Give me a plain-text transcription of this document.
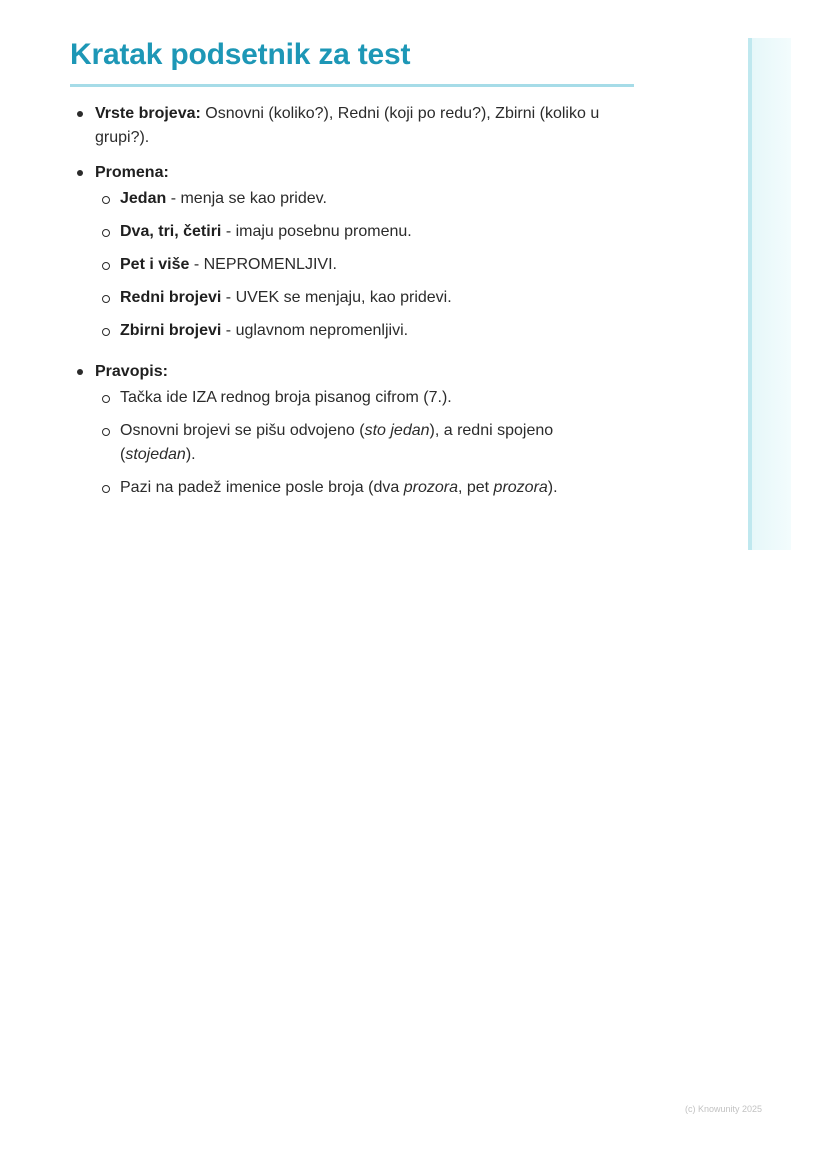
Kratak podsetnik za test
Vrste brojeva: Osnovni (koliko?), Redni (koji po redu?), Zbirni (koliko u grupi?).
Promena:
Jedan - menja se kao pridev.
Dva, tri, četiri - imaju posebnu promenu.
Pet i više - NEPROMENLJIVI.
Redni brojevi - UVEK se menjaju, kao pridevi.
Zbirni brojevi - uglavnom nepromenljivi.
Pravopis:
Tačka ide IZA rednog broja pisanog cifrom (7.).
Osnovni brojevi se pišu odvojeno (sto jedan), a redni spojeno (stojedan).
Pazi na padež imenice posle broja (dva prozora, pet prozora).
(c) Knowunity 2025
